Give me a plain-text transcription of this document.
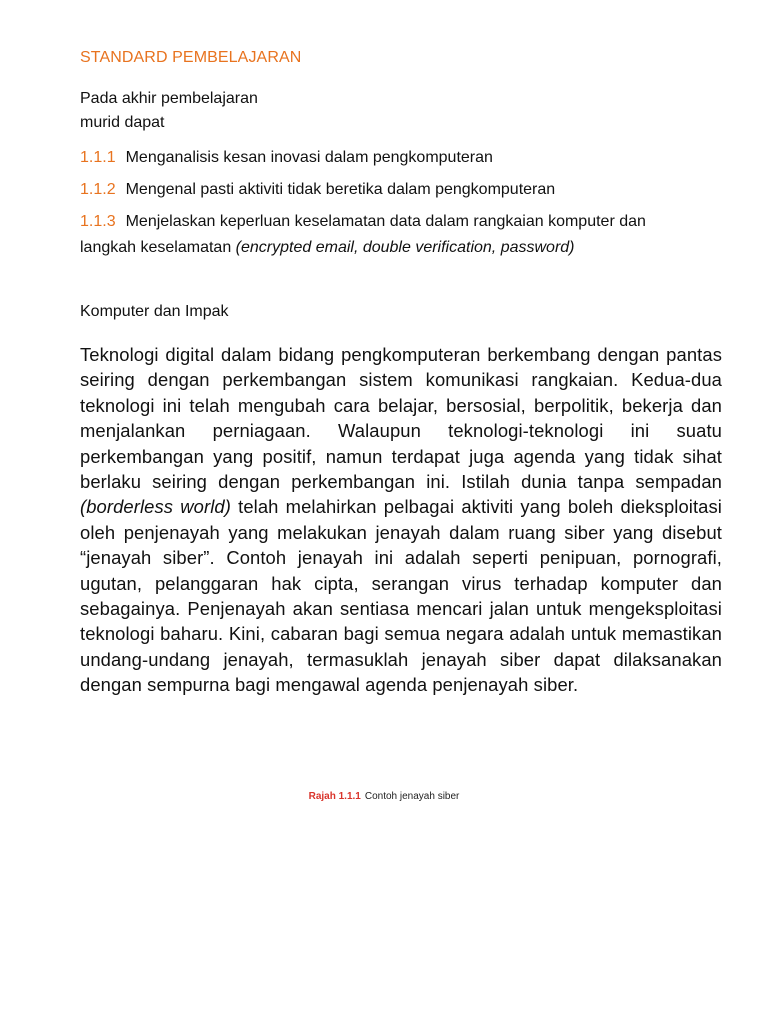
STANDARD PEMBELAJARAN
Pada akhir pembelajaran
murid dapat
1.1.1 Menganalisis kesan inovasi dalam pengkomputeran
1.1.2 Mengenal pasti aktiviti tidak beretika dalam pengkomputeran
1.1.3 Menjelaskan keperluan keselamatan data dalam rangkaian komputer dan langkah keselamatan (encrypted email, double verification, password)
Komputer dan Impak
Teknologi digital dalam bidang pengkomputeran berkembang dengan pantas seiring dengan perkembangan sistem komunikasi rangkaian. Kedua-dua teknologi ini telah mengubah cara belajar, bersosial, berpolitik, bekerja dan menjalankan perniagaan. Walaupun teknologi-teknologi ini suatu perkembangan yang positif, namun terdapat juga agenda yang tidak sihat berlaku seiring dengan perkembangan ini. Istilah dunia tanpa sempadan (borderless world) telah melahirkan pelbagai aktiviti yang boleh dieksploitasi oleh penjenayah yang melakukan jenayah dalam ruang siber yang disebut “jenayah siber”. Contoh jenayah ini adalah seperti penipuan, pornografi, ugutan, pelanggaran hak cipta, serangan virus terhadap komputer dan sebagainya. Penjenayah akan sentiasa mencari jalan untuk mengeksploitasi teknologi baharu. Kini, cabaran bagi semua negara adalah untuk memastikan undang-undang jenayah, termasuklah jenayah siber dapat dilaksanakan dengan sempurna bagi mengawal agenda penjenayah siber.
Rajah 1.1.1 Contoh jenayah siber
